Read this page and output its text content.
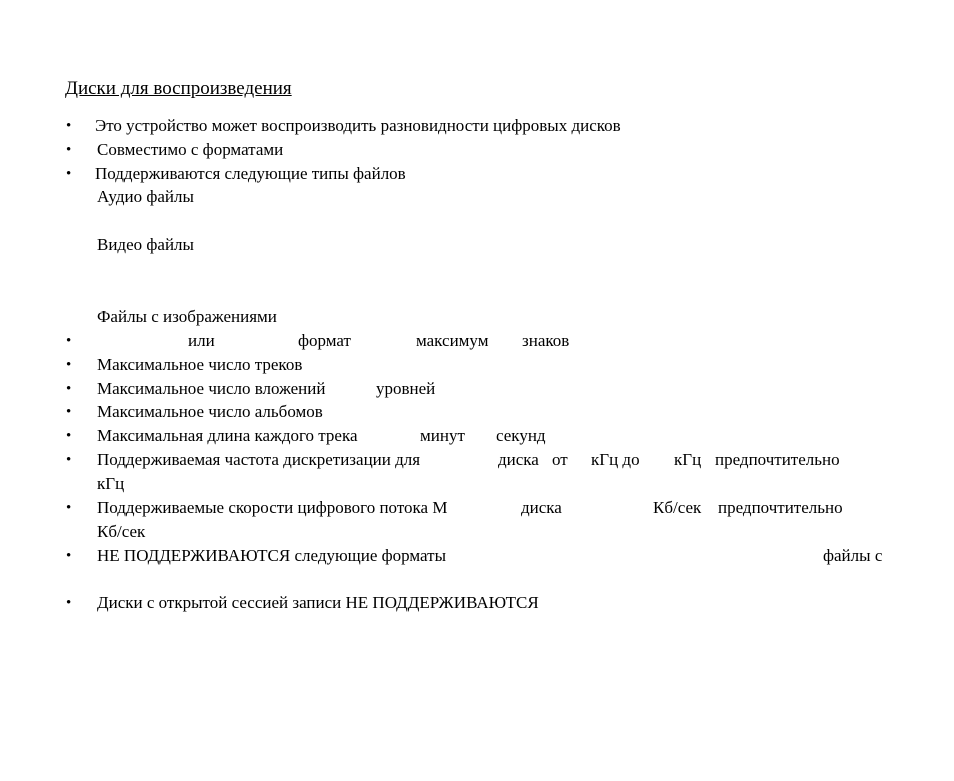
Диски для воспроизведения
•
•
•
•
•
•
•
•
•
•
•
•
Это устройство может воспроизводить разновидности цифровых дисков
Совместимо с форматами
Поддерживаются следующие типы файлов
Аудио файлы
Видео файлы
Файлы с изображениями
или	формат	максимум знаков
Максимальное число треков
Максимальное число вложений	уровней
Максимальное число альбомов
Максимальная длина каждого трека	минут секунд
Поддерживаемая частота дискретизации для	диска от кГц до кГц предпочтительно
кГц
Поддерживаемые скорости цифрового потока М	диска	Кб/сек предпочтительно
Кб/сек
НЕ ПОДДЕРЖИВАЮТСЯ следующие форматы	файлы с
Диски с открытой сессией записи НЕ ПОДДЕРЖИВАЮТСЯ
